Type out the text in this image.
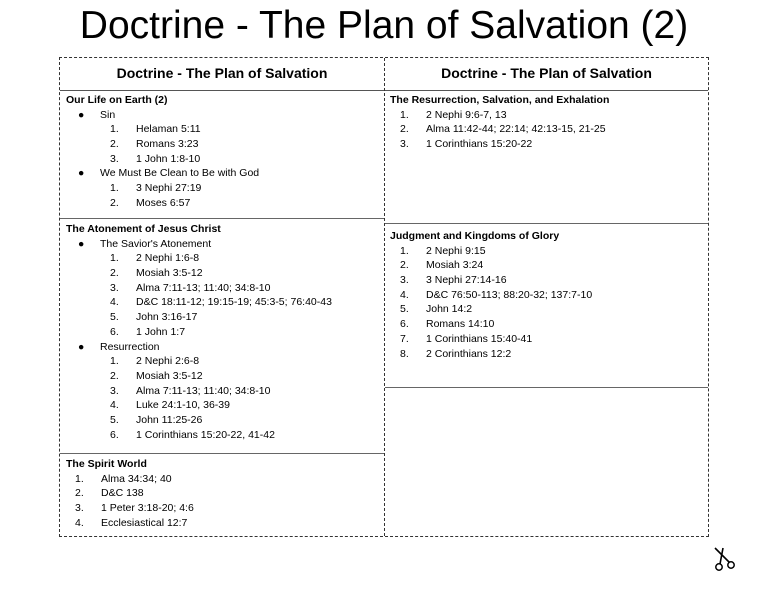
Doctrine - The Plan of Salvation (2)
Doctrine - The Plan of Salvation
Our Life on Earth (2)
● Sin
1. Helaman 5:11
2. Romans 3:23
3. 1 John 1:8-10
● We Must Be Clean to Be with God
1. 3 Nephi 27:19
2. Moses 6:57
The Atonement of Jesus Christ
● The Savior's Atonement
1. 2 Nephi 1:6-8
2. Mosiah 3:5-12
3. Alma 7:11-13; 11:40; 34:8-10
4. D&C 18:11-12; 19:15-19; 45:3-5; 76:40-43
5. John 3:16-17
6. 1 John 1:7
● Resurrection
1. 2 Nephi 2:6-8
2. Mosiah 3:5-12
3. Alma 7:11-13; 11:40; 34:8-10
4. Luke 24:1-10, 36-39
5. John 11:25-26
6. 1 Corinthians 15:20-22, 41-42
The Spirit World
1. Alma 34:34; 40
2. D&C 138
3. 1 Peter 3:18-20; 4:6
4. Ecclesiastical 12:7
Doctrine - The Plan of Salvation
The Resurrection, Salvation, and Exhalation
1. 2 Nephi 9:6-7, 13
2. Alma 11:42-44; 22:14; 42:13-15, 21-25
3. 1 Corinthians 15:20-22
Judgment and Kingdoms of Glory
1. 2 Nephi 9:15
2. Mosiah 3:24
3. 3 Nephi 27:14-16
4. D&C 76:50-113; 88:20-32; 137:7-10
5. John 14:2
6. Romans 14:10
7. 1 Corinthians 15:40-41
8. 2 Corinthians 12:2
